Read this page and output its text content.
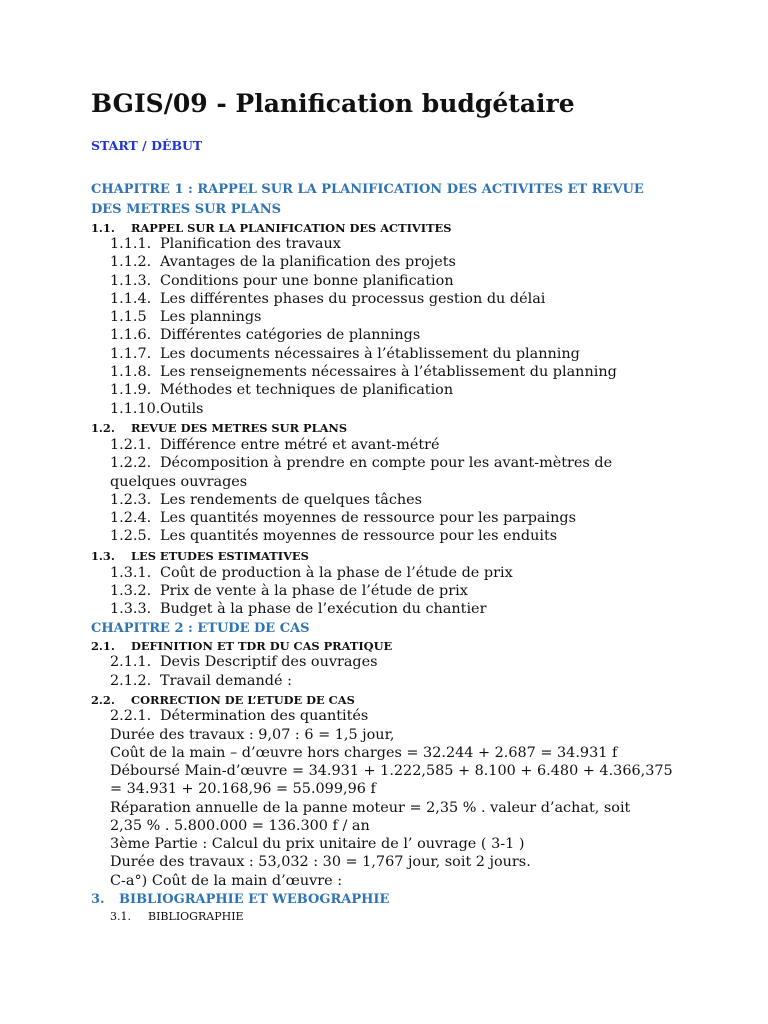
BGIS/09 - Planification budgétaire
START / DÉBUT
CHAPITRE 1 : RAPPEL SUR LA PLANIFICATION DES ACTIVITES ET REVUE
DES METRES SUR PLANS
1.1. RAPPEL SUR LA PLANIFICATION DES ACTIVITES
1.1.1. Planification des travaux
1.1.2. Avantages de la planification des projets
1.1.3. Conditions pour une bonne planification
1.1.4. Les différentes phases du processus gestion du délai
1.1.5 Les plannings
1.1.6. Différentes catégories de plannings
1.1.7. Les documents nécessaires à l’établissement du planning
1.1.8. Les renseignements nécessaires à l’établissement du planning
1.1.9. Méthodes et techniques de planification
1.1.10.Outils
1.2. REVUE DES METRES SUR PLANS
1.2.1. Différence entre métré et avant-métré
1.2.2. Décomposition à prendre en compte pour les avant-mètres de
quelques ouvrages
1.2.3. Les rendements de quelques tâches
1.2.4. Les quantités moyennes de ressource pour les parpaings
1.2.5. Les quantités moyennes de ressource pour les enduits
1.3. LES ETUDES ESTIMATIVES
1.3.1. Coût de production à la phase de l’étude de prix
1.3.2. Prix de vente à la phase de l’étude de prix
1.3.3. Budget à la phase de l’exécution du chantier
CHAPITRE 2 : ETUDE DE CAS
2.1. DEFINITION ET TDR DU CAS PRATIQUE
2.1.1. Devis Descriptif des ouvrages
2.1.2. Travail demandé :
2.2. CORRECTION DE L’ETUDE DE CAS
2.2.1. Détermination des quantités
Durée des travaux : 9,07 : 6 = 1,5 jour,
Coût de la main – d’œuvre hors charges = 32.244 + 2.687 = 34.931 f
Déboursé Main-d’œuvre = 34.931 + 1.222,585 + 8.100 + 6.480 + 4.366,375
= 34.931 + 20.168,96 = 55.099,96 f
Réparation annuelle de la panne moteur = 2,35 % . valeur d’achat, soit
2,35 % . 5.800.000 = 136.300 f / an
3ème Partie : Calcul du prix unitaire de l’ ouvrage ( 3-1 )
Durée des travaux : 53,032 : 30 = 1,767 jour, soit 2 jours.
C-a°) Coût de la main d’œuvre :
3. BIBLIOGRAPHIE ET WEBOGRAPHIE
3.1. BIBLIOGRAPHIE
